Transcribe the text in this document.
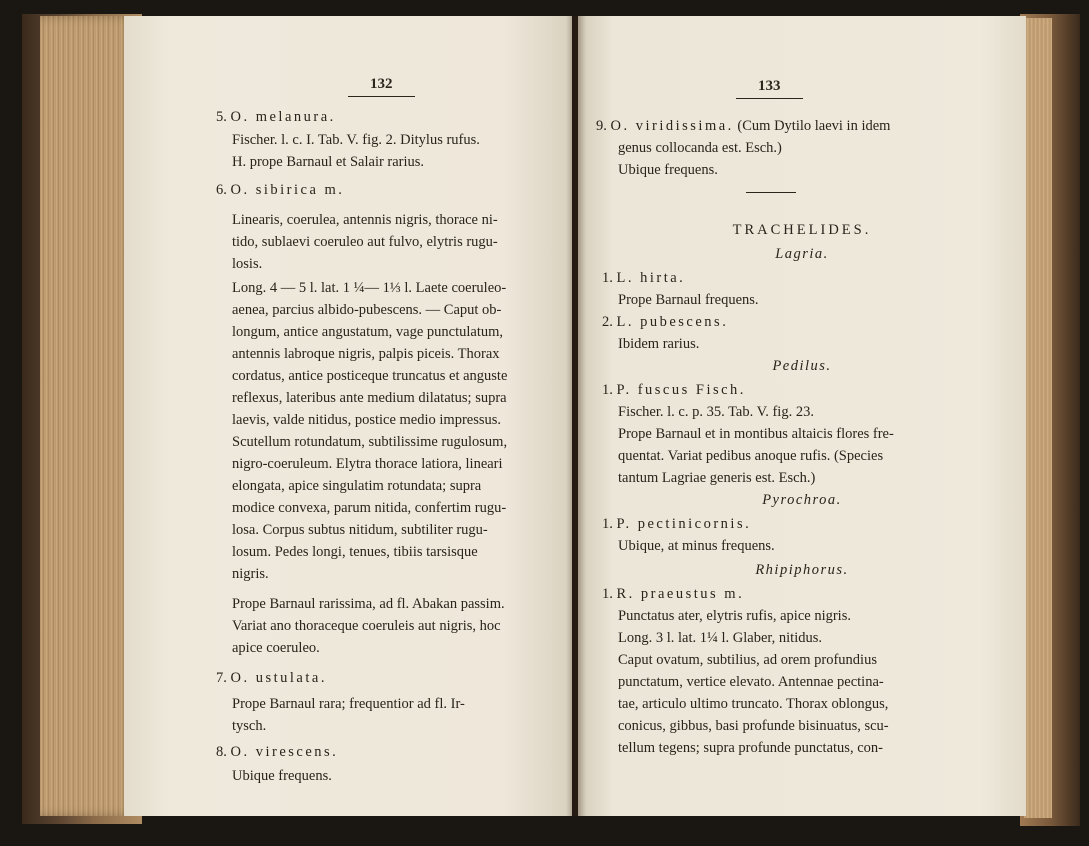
132
5. O. melanura.
Fischer. l. c. I. Tab. V. fig. 2. Ditylus rufus.
H. prope Barnaul et Salair rarius.
6. O. sibirica m.
Linearis, coerulea, antennis nigris, thorace ni-
tido, sublaevi coeruleo aut fulvo, elytris rugu-
losis.
Long. 4 — 5 l. lat. 1 ¼— 1⅓ l. Laete coeruleo-
aenea, parcius albido-pubescens. — Caput ob-
longum, antice angustatum, vage punctulatum,
antennis labroque nigris, palpis piceis. Thorax
cordatus, antice posticeque truncatus et anguste
reflexus, lateribus ante medium dilatatus; supra
laevis, valde nitidus, postice medio impressus.
Scutellum rotundatum, subtilissime rugulosum,
nigro-coeruleum. Elytra thorace latiora, lineari
elongata, apice singulatim rotundata; supra
modice convexa, parum nitida, confertim rugu-
losa. Corpus subtus nitidum, subtiliter rugu-
losum. Pedes longi, tenues, tibiis tarsisque
nigris.
Prope Barnaul rarissima, ad fl. Abakan passim.
Variat ano thoraceque coeruleis aut nigris, hoc
apice coeruleo.
7. O. ustulata.
Prope Barnaul rara; frequentior ad fl. Ir-
tysch.
8. O. virescens.
Ubique frequens.
133
9. O. viridissima. (Cum Dytilo laevi in idem
genus collocanda est. Esch.)
Ubique frequens.
TRACHELIDES.
Lagria.
1. L. hirta.
Prope Barnaul frequens.
2. L. pubescens.
Ibidem rarius.
Pedilus.
1. P. fuscus Fisch.
Fischer. l. c. p. 35. Tab. V. fig. 23.
Prope Barnaul et in montibus altaicis flores fre-
quentat. Variat pedibus anoque rufis. (Species
tantum Lagriae generis est. Esch.)
Pyrochroa.
1. P. pectinicornis.
Ubique, at minus frequens.
Rhipiphorus.
1. R. praeustus m.
Punctatus ater, elytris rufis, apice nigris.
Long. 3 l. lat. 1¼ l. Glaber, nitidus.
Caput ovatum, subtilius, ad orem profundius
punctatum, vertice elevato. Antennae pectina-
tae, articulo ultimo truncato. Thorax oblongus,
conicus, gibbus, basi profunde bisinuatus, scu-
tellum tegens; supra profunde punctatus, con-
